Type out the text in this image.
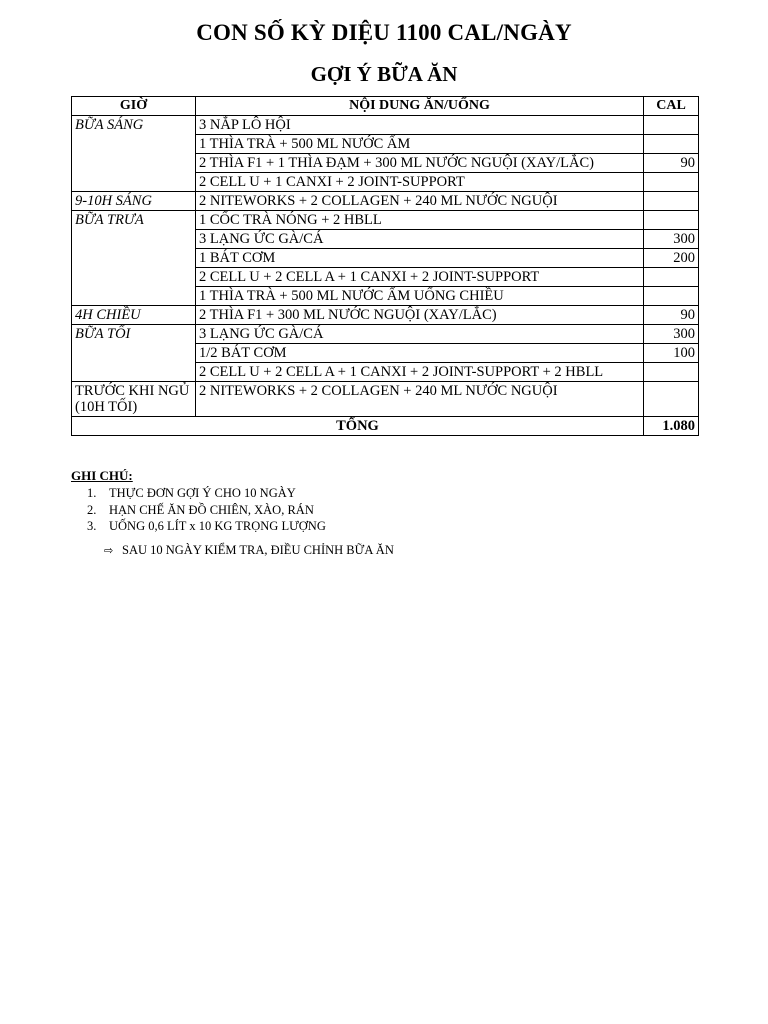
CON SỐ KỲ DIỆU 1100 CAL/NGÀY
GỢI Ý BỮA ĂN
GIỜ	NỘI DUNG ĂN/UỐNG	CAL
BỮA SÁNG	3 NẮP LÔ HỘI	
	1 THÌA TRÀ + 500 ML NƯỚC ẤM	
	2 THÌA F1 + 1 THÌA ĐẠM + 300 ML NƯỚC NGUỘI (XAY/LẮC)	90
	2 CELL U + 1 CANXI + 2 JOINT-SUPPORT	
9-10H SÁNG	2 NITEWORKS + 2 COLLAGEN + 240 ML NƯỚC NGUỘI	
BỮA TRƯA	1 CỐC TRÀ NÓNG + 2 HBLL	
	3 LẠNG ỨC GÀ/CÁ	300
	1 BÁT CƠM	200
	2 CELL U + 2 CELL A + 1 CANXI + 2 JOINT-SUPPORT	
	1 THÌA TRÀ + 500 ML NƯỚC ẤM UỐNG CHIỀU	
4H CHIỀU	2 THÌA F1 + 300 ML NƯỚC NGUỘI (XAY/LẮC)	90
BỮA TỐI	3 LẠNG ỨC GÀ/CÁ	300
	1/2 BÁT CƠM	100
	2 CELL U + 2 CELL A + 1 CANXI + 2 JOINT-SUPPORT + 2 HBLL	
TRƯỚC KHI NGỦ (10H TỐI)	2 NITEWORKS + 2 COLLAGEN + 240 ML NƯỚC NGUỘI	
TỔNG		1.080
GHI CHÚ:
1. THỰC ĐƠN GỢI Ý CHO 10 NGÀY
2. HẠN CHẾ ĂN ĐỒ CHIÊN, XÀO, RÁN
3. UỐNG 0,6 LÍT x 10 KG TRỌNG LƯỢNG
⇨ SAU 10 NGÀY KIỂM TRA, ĐIỀU CHỈNH BỮA ĂN
